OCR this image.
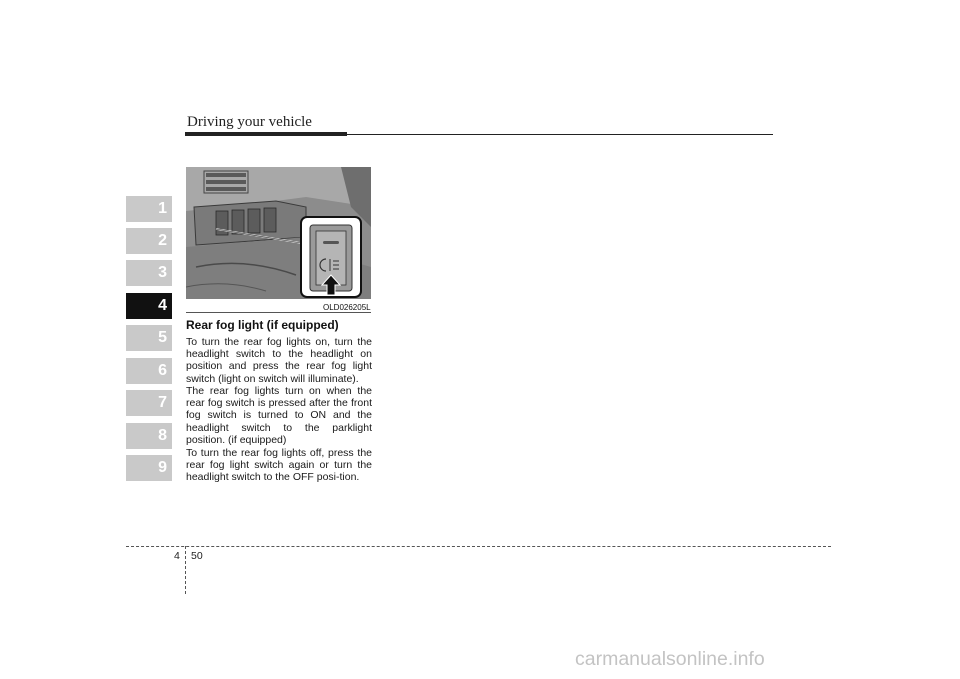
Driving your vehicle
1
2
3
4
5
6
7
8
9
OLD026205L
Rear fog light (if equipped)

To turn the rear fog lights on, turn the headlight switch to the headlight on position and press the rear fog light switch (light on switch will illuminate).

The rear fog lights turn on when the rear fog switch is pressed after the front fog switch is turned to ON and the headlight switch to the parklight position. (if equipped)

To turn the rear fog lights off, press the rear fog light switch again or turn the headlight switch to the OFF posi-tion.

4 50
carmanualsonline.info
